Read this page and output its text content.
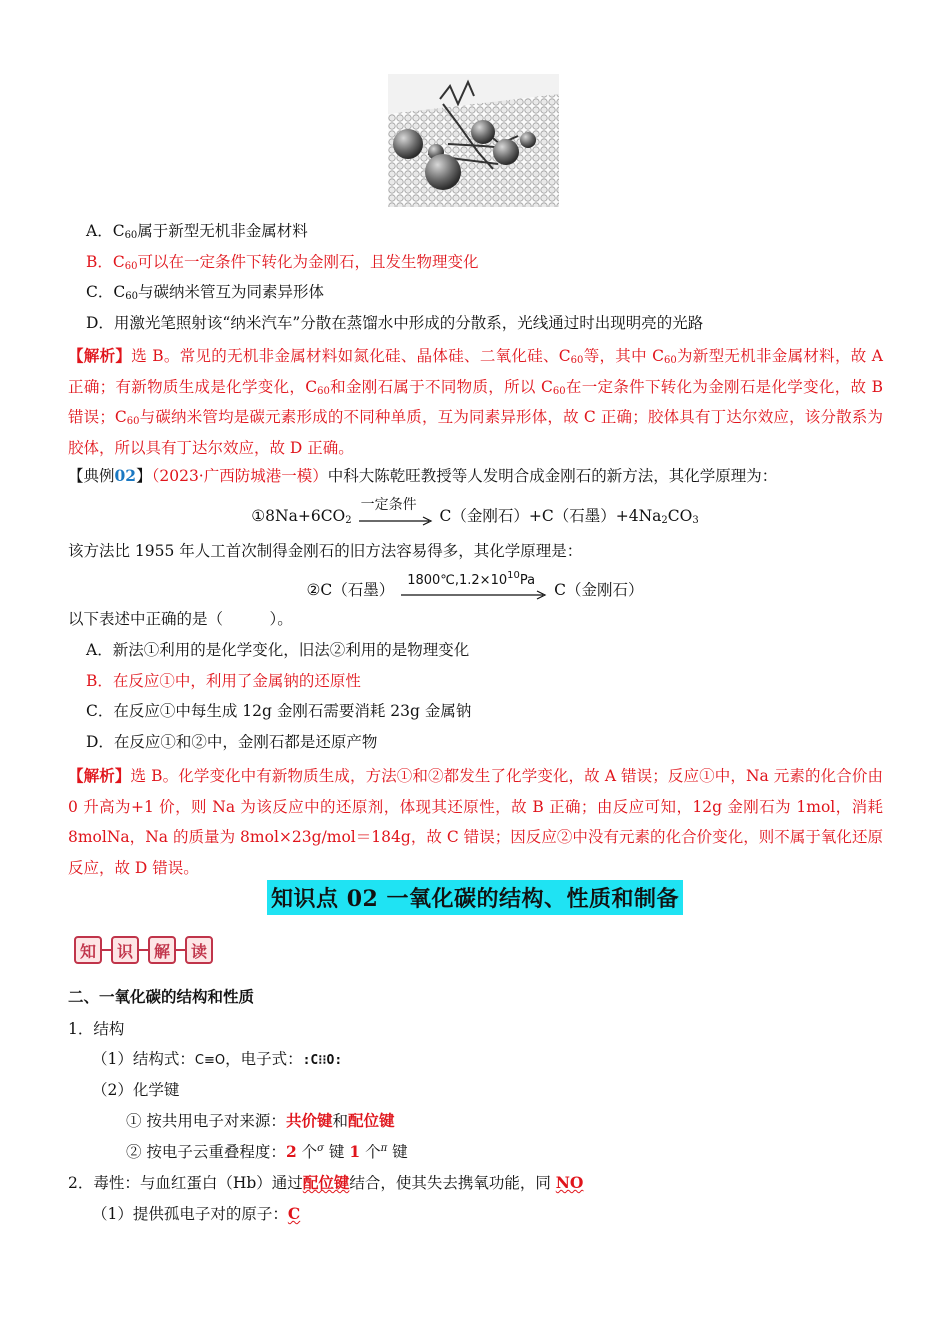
A．$C_{60}$属于新型无机非金属材料
B．$C_{60}$可以在一定条件下转化为金刚石，且发生物理变化
C．$C_{60}$与碳纳米管互为同素异形体
D．用激光笔照射该“纳米汽车”分散在蒸馏水中形成的分散系，光线通过时出现明亮的光路
【解析】选 B。常见的无机非金属材料如氮化硅、晶体硅、二氧化硅、$C_{60}$等，其中 $C_{60}$为新型无机非金属材料，故 A 正确；有新物质生成是化学变化，$C_{60}$和金刚石属于不同物质，所以 $C_{60}$在一定条件下转化为金刚石是化学变化，故 B 错误；$C_{60}$与碳纳米管均是碳元素形成的不同种单质，互为同素异形体，故 C 正确；胶体具有丁达尔效应，该分散系为胶体，所以具有丁达尔效应，故 D 正确。
【典例02】（2023·广西防城港一模）中科大陈乾旺教授等人发明合成金刚石的新方法，其化学原理为：
$①8Na+6CO_2$
一定条件
C（金刚石）+C（石墨）$+4Na_2CO_3$
该方法比 1955 年人工首次制得金刚石的旧方法容易得多，其化学原理是：
②C（石墨）
$1800℃,1.2\times 10^{10}Pa$
C（金刚石）
以下表述中正确的是（　　　）。
A．新法①利用的是化学变化，旧法②利用的是物理变化
B．在反应①中，利用了金属钠的还原性
C．在反应①中每生成 12g 金刚石需要消耗 23g 金属钠
D．在反应①和②中，金刚石都是还原产物
【解析】选 B。化学变化中有新物质生成，方法①和②都发生了化学变化，故 A 错误；反应①中，Na 元素的化合价由 0 升高为+1 价，则 Na 为该反应中的还原剂，体现其还原性，故 B 正确；由反应可知，12g 金刚石为 1mol，消耗 8molNa，Na 的质量为 8mol×23g/mol＝184g，故 C 错误；因反应②中没有元素的化合价变化，则不属于氧化还原反应，故 D 错误。
知识点 02 一氧化碳的结构、性质和制备
知	识	解	读
二、一氧化碳的结构和性质
1．结构
（1）结构式：C≡O，电子式：:C⁝⁝O:
（2）化学键
① 按共用电子对来源：共价键和配位键
② 按电子云重叠程度：2 个$^\sigma$ 键 1 个$^\pi$ 键
2．毒性：与血红蛋白（Hb）通过配位键结合，使其失去携氧功能，同 NO
（1）提供孤电子对的原子：C
